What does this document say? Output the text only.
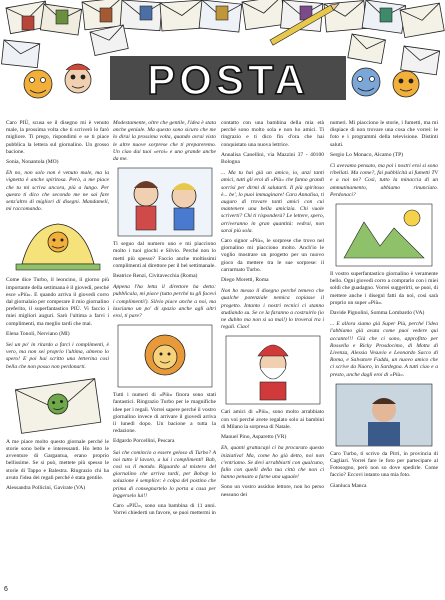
POSTA

Caro PIÙ, scusa se il disegno mi è venuto male, la prossima volta che ti scriverò lo farò migliore. Ti prego, rispondimi e se ti piace pubblica la lettera sul giornalino. Un grosso bacione.

Sonia, Nonantola (MO)

Eh no, non solo non è venuto male, ma la vignetta è anche spiritosa. Però, a me piace che tu mi scriva ancora, più a lungo. Per questo ti dico che secondo me ne sai fare senz'altro di migliori di disegni. Mandameli, mi raccomando.

Come dice Turbo, il leoncino, il giorno più importante della settimana è il giovedì, perché esce «Più». E quando arriva il giovedì corro dal giornalaio per comperare il mio giornalino preferito, il superfantastico PIÙ. Vi faccio i miei migliori auguri. Sarò l'ultima a farvi i complimenti, ma meglio tardi che mai.

Elena Tonoli, Nerviano (MI)

Sei un po' in ritardo a farci i complimenti, è vero, ma non sei proprio l'ultima, almeno lo spero! E poi hai scritto una letterina così bella che non posso non perdonarti.

A me piace molto questo giornale perché le storie sono belle e interessanti. Ho letto le avventure di Gargantua, erano proprio bellissime. Se si può, mettete più spesso le storie di Tappo e Balestra. Ringrazio chi ha avuto l'idea dei regali perché è stata gentile.

Alessandra Pollicini, Gavirate (VA)

Modestamente, oltre che gentile, l'idea è stata anche geniale. Ma questo sono sicuro che me lo dirai la prossima volta, quando avrai visto le altre nuove sorprese che ti prepareremo. Un ciao dai tuoi «eroi» e uno grande anche da me.

Ti seguo dal numero uno e mi piacciono molto i tuoi giochi e Silvio. Perché non lo metti più spesso? Faccio anche moltissimi complimenti al direttore per il bel settimanale.

Beatrice Renzi, Civitavecchia (Roma)

Appena l'ha letta il direttore ha detto: pubblicala, mi piace (tutto perché tu gli facevi i complimenti!). Silvio piace anche a noi, ma lasciamo un po' di spazio anche agli altri eroi, ti pare?

Tutti i numeri di «Più» finora sono stati fantastici. Ringrazio Turbo per le magnifiche idee per i regali. Vorrei sapere perché il vostro giornalino invece di arrivare il giovedì arriva il lunedì dopo. Un bacione a tutta la redazione.

Edgardo Porcellini, Pescara

Sai che comincio a essere geloso di Turbo? A noi tutto il lavoro, a lui i complimenti! Bah, così va il mondo. Riguardo al mistero del giornalino che arriva tardi, per Bobop lo soluzione è semplice: è colpa del postino che prima di consegnartelo lo porta a casa per leggerselo lui!!

Caro «PIÙ», sono una bambina di 11 anni. Vorrei chiederti un favore, se puoi mettermi in

contatto con una bambina della mia età perché sono molto sola e non ho amici. Ti ringrazio e ti dico fin d'ora che hai conquistato una nuova lettrice.

Annalisa Canellini, via Mazzini 37 - 40100 Bologna

... Ma tu hai già un amico, io, anzi tanti amici, tutti gli eroi di «Più» che fanno grandi sorrisi per dirmi di salutarti. Il più spiritoso è... be', lo puoi immaginare! Cara Annalisa, ti auguro di trovare tanti amici con cui mantenere una bella amicizia. Chi vuole scriverti? Chi ti risponderà? Le lettere, spero, arriveranno in gran quantità: vedrai, non sarai più sola.

Caro signor «Più», le sorprese che trovo nel giornalino mi piacciono molto. Anch'io le voglio mostrare un progetto per un nuovo gioco da mettere tra le sue sorprese: il carrarmato Turbo.

Diego Moretti, Roma

Non ho messo il disegno perché temevo che qualche potenziale nemica copiasse il progetto. Intanto i nostri tecnici ci stanno studiando su. Se ce la faranno a costruirlo (io ne dubito ma non si sa mai!) lo troverai tra i regali. Ciao!

Cari amici di «Più», sono molto arrabbiato con voi perché avete regalato solo ai bambini di Milano la sorpresa di Natale.

Manuel Pino, Asparetto (VR)

Eh, quanti grattacapi ci ha procurato questo iniziativa! Ma, come ho già detto, noi non c'entriamo. Se devi arrabbiarti con qualcuno, fallo con quelli della tua città che non ci hanno pensato a farne una uguale!

Sono un vostro assiduo lettore, non ho perso nessuno dei

numeri. Mi piacciono le storie, i fumetti, ma mi dispiace di non trovare una cosa che vorrei: le foto e i programmi della televisione. Distinti saluti.

Sergio Lo Monaco, Alcamo (TP)

Ci avevamo pensato, ma poi i nostri eroi si sono ribellati. Ma come?, fai pubblicità ai fumetti TV e a noi no? Così, tutto la minaccia di un ammutinamento, abbiamo rinunciato. Perdonaci?

Il vostro superfantastico giornalino è veramente bello. Ogni giovedì corro a comprarlo con i miei soldi che guadagno. Vorrei suggerirti, se puoi, di mettere anche i disegni fatti da noi, così sarà proprio un super «Più».

Davide Pignolini, Somma Lombardo (VA)

... E allora siamo già Super Più, perché l'idea l'abbiamo già avuta come puoi vedere qui accanto!!! Già che ci sono, approfitto per Rossella e Ricky Prosdocimo, di Motta di Livenza, Alessia Vesuvio e Leonardo Sacco di Roma, e Salvatore Fadda, un nuovo amico che ci scrive da Nuoro, in Sardegna. A tutti ciao e a presto, anche dagli eroi di «Più».

Caro Turbo, ti scrivo da Pirri, in provincia di Cagliari. Vorrei fare le foto per partecipare al Fotosogno, però non so dove spedirle. Come faccio? Eccovi intanto una mia foto.

Gianluca Manca

6
